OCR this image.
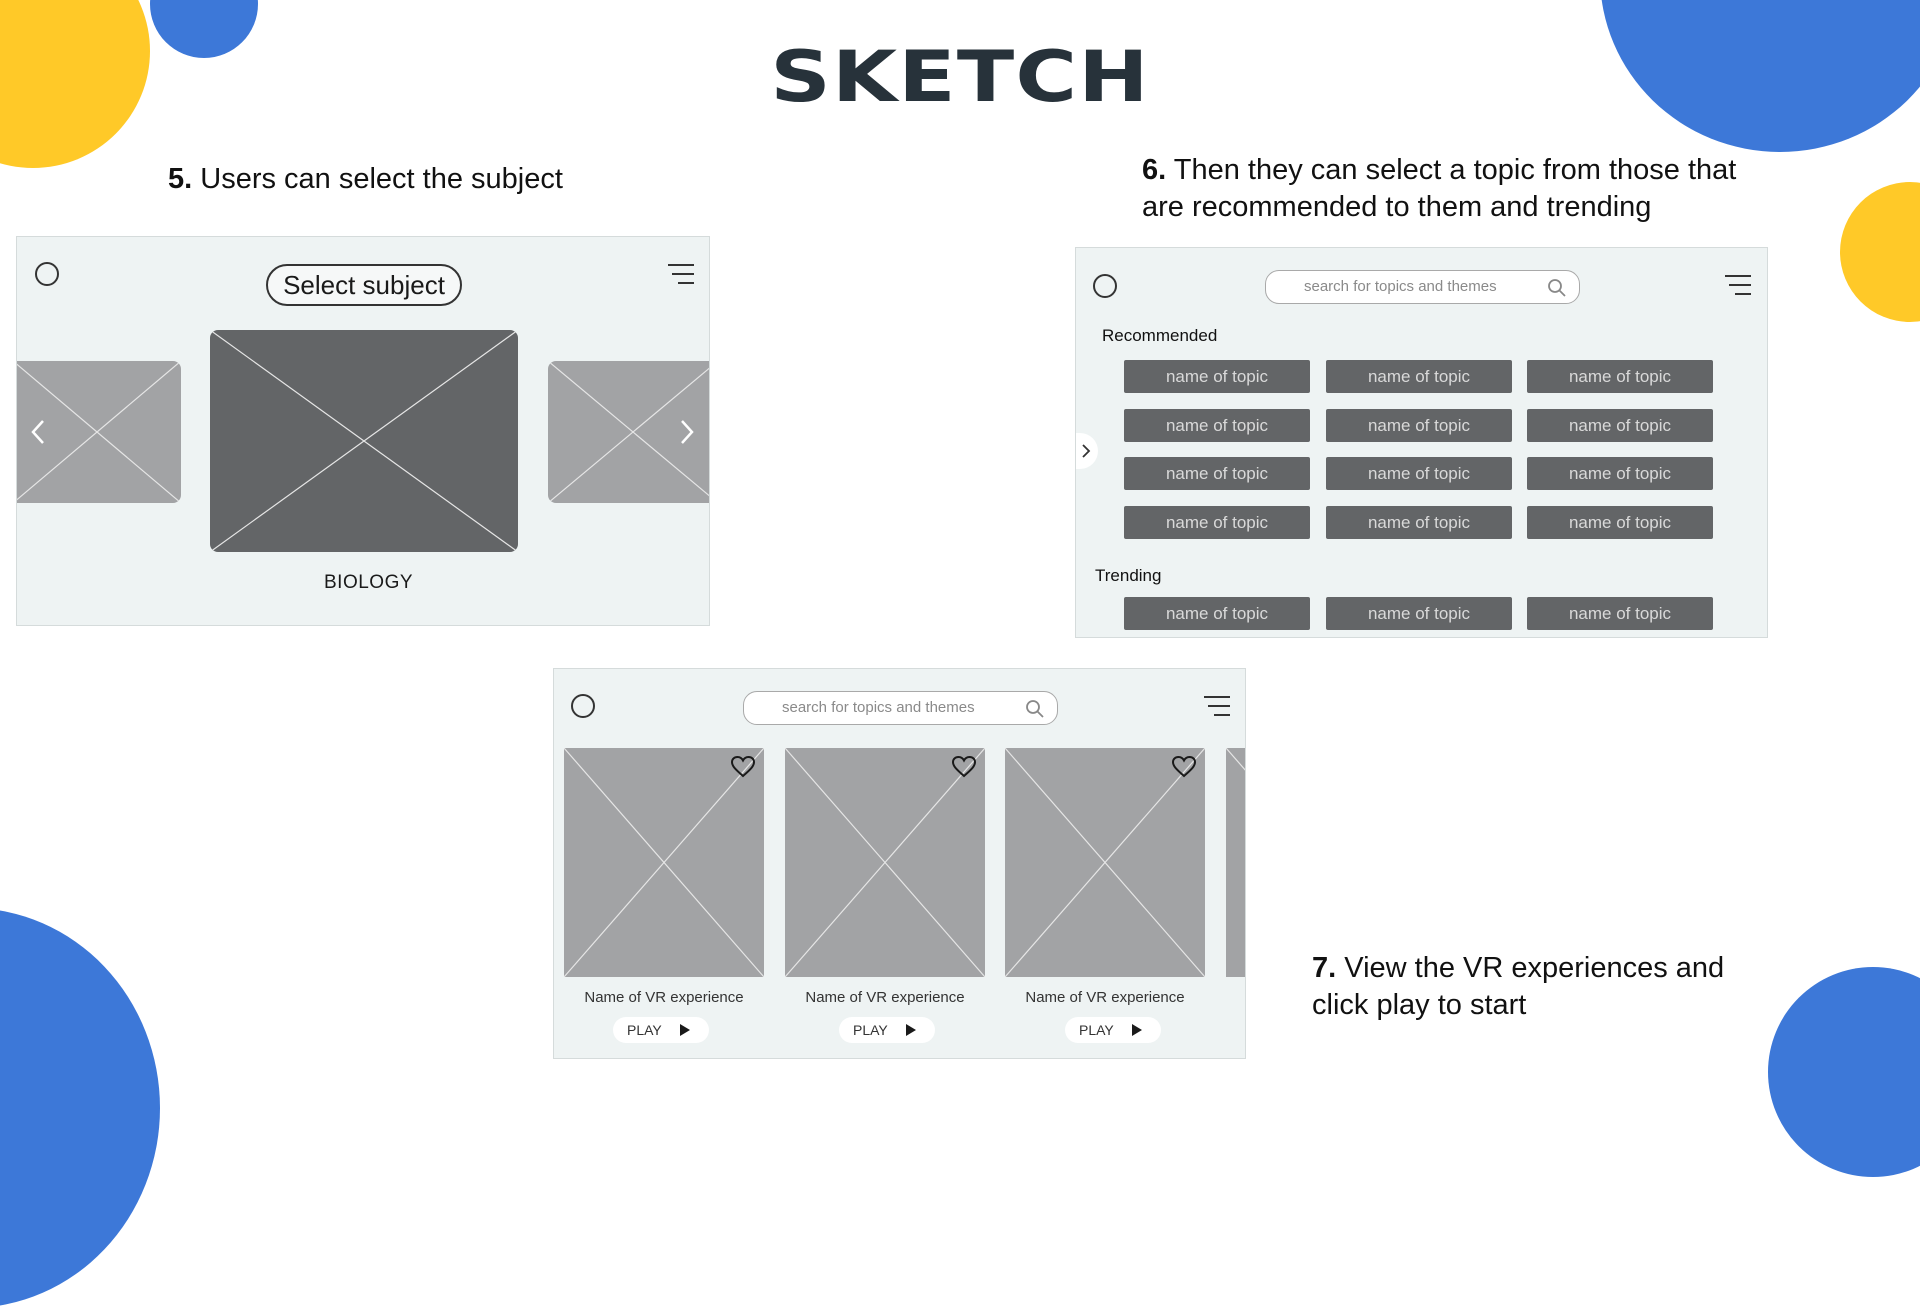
SKETCH
5. Users can select the subject	6. Then they can select a topic from those that
are recommended to them and trending
7. View the VR experiences and
click play to start
Select subject
BIOLOGY
search for topics and themes
Recommended
name of topic	name of topic	name of topic
name of topic	name of topic	name of topic
name of topic	name of topic	name of topic
name of topic	name of topic	name of topic
Trending
name of topic	name of topic	name of topic
search for topics and themes
Name of VR experience
PLAY
Name of VR experience
PLAY
Name of VR experience
PLAY
